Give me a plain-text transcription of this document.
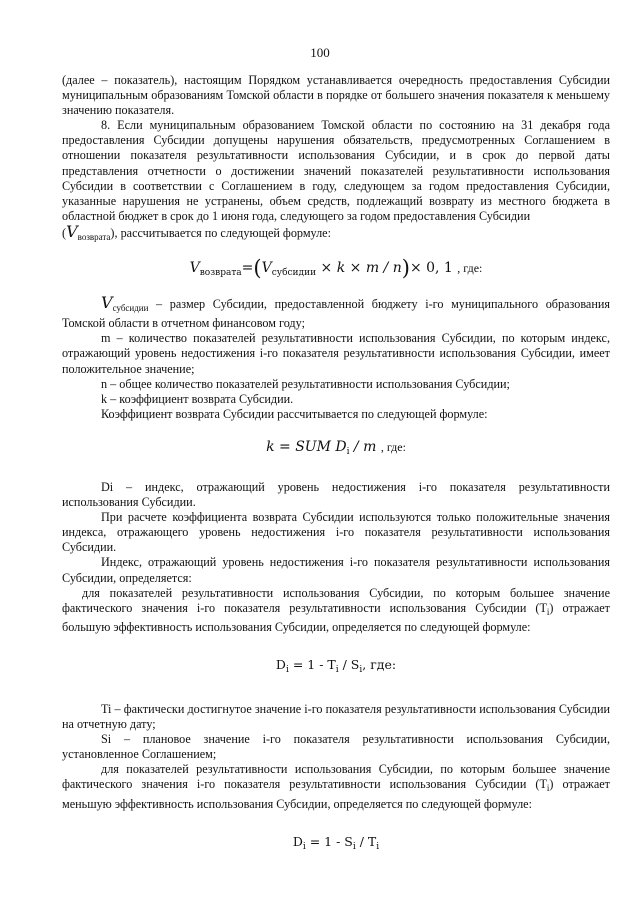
100

(далее – показатель), настоящим Порядком устанавливается очередность предоставления Субсидии муниципальным образованиям Томской области в порядке от большего значения показателя к меньшему значению показателя.

8. Если муниципальным образованием Томской области по состоянию на 31 декабря года предоставления Субсидии допущены нарушения обязательств, предусмотренных Соглашением в отношении показателя результативности использования Субсидии, и в срок до первой даты представления отчетности о достижении значений показателей результативности использования Субсидии в соответствии с Соглашением в году, следующем за годом предоставления Субсидии, указанные нарушения не устранены, объем средств, подлежащий возврату из местного бюджета в областной бюджет в срок до 1 июня года, следующего за годом предоставления Субсидии
$(V_{возврата})$, рассчитывается по следующей формуле:

$V_{возврата}=(V_{субсидии} \times k \times m / n)\times 0$, 1 , где:

$V_{субсидии}$ – размер Субсидии, предоставленной бюджету i-го муниципального образования Томской области в отчетном финансовом году;

m – количество показателей результативности использования Субсидии, по которым индекс, отражающий уровень недостижения i-го показателя результативности использования Субсидии, имеет положительное значение;

n – общее количество показателей результативности использования Субсидии;

k – коэффициент возврата Субсидии.

Коэффициент возврата Субсидии рассчитывается по следующей формуле:

k = SUM $D_i$ / m , где:

Di – индекс, отражающий уровень недостижения i-го показателя результативности использования Субсидии.

При расчете коэффициента возврата Субсидии используются только положительные значения индекса, отражающего уровень недостижения i-го показателя результативности использования Субсидии.

Индекс, отражающий уровень недостижения i-го показателя результативности использования Субсидии, определяется:

для показателей результативности использования Субсидии, по которым большее значение фактического значения i-го показателя результативности использования Субсидии $(T_i)$ отражает большую эффективность использования Субсидии, определяется по следующей формуле:

$D_i = 1 - T_i / S_i$, где:

Ti – фактически достигнутое значение i-го показателя результативности использования Субсидии на отчетную дату;

Si – плановое значение i-го показателя результативности использования Субсидии, установленное Соглашением;

для показателей результативности использования Субсидии, по которым большее значение фактического значения i-го показателя результативности использования Субсидии $(T_i)$ отражает меньшую эффективность использования Субсидии, определяется по следующей формуле:

$D_i = 1 - S_i / T_i$
